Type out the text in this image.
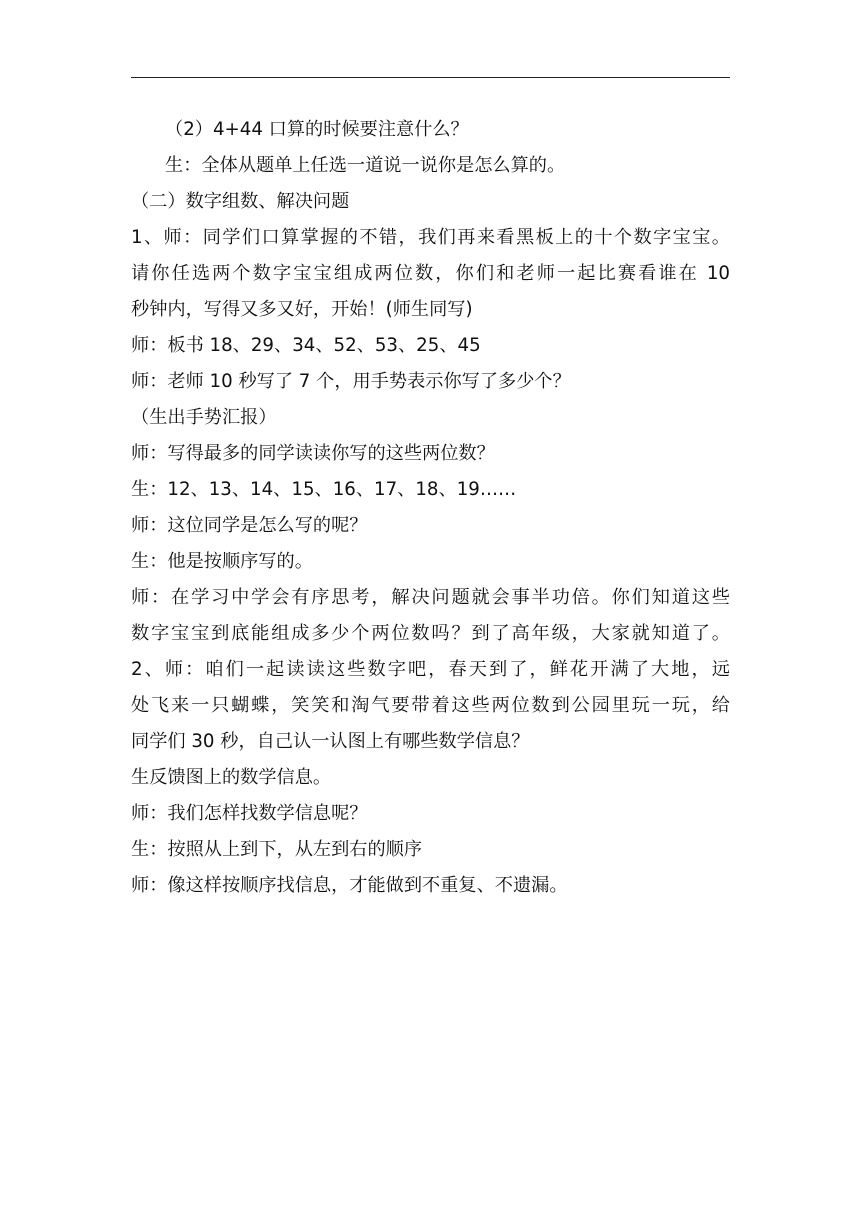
（2）4+44 口算的时候要注意什么？
生：全体从题单上任选一道说一说你是怎么算的。
（二）数字组数、解决问题
1、师：同学们口算掌握的不错，我们再来看黑板上的十个数字宝宝。
请你任选两个数字宝宝组成两位数，你们和老师一起比赛看谁在 10
秒钟内，写得又多又好，开始！(师生同写)
师：板书 18、29、34、52、53、25、45
师：老师 10 秒写了 7 个，用手势表示你写了多少个？
（生出手势汇报）
师：写得最多的同学读读你写的这些两位数？
生：12、13、14、15、16、17、18、19……
师：这位同学是怎么写的呢？
生：他是按顺序写的。
师：在学习中学会有序思考，解决问题就会事半功倍。你们知道这些
数字宝宝到底能组成多少个两位数吗？到了高年级，大家就知道了。
2、师：咱们一起读读这些数字吧，春天到了，鲜花开满了大地，远
处飞来一只蝴蝶，笑笑和淘气要带着这些两位数到公园里玩一玩，给
同学们 30 秒，自己认一认图上有哪些数学信息？
生反馈图上的数学信息。
师：我们怎样找数学信息呢？
生：按照从上到下，从左到右的顺序
师：像这样按顺序找信息，才能做到不重复、不遗漏。
